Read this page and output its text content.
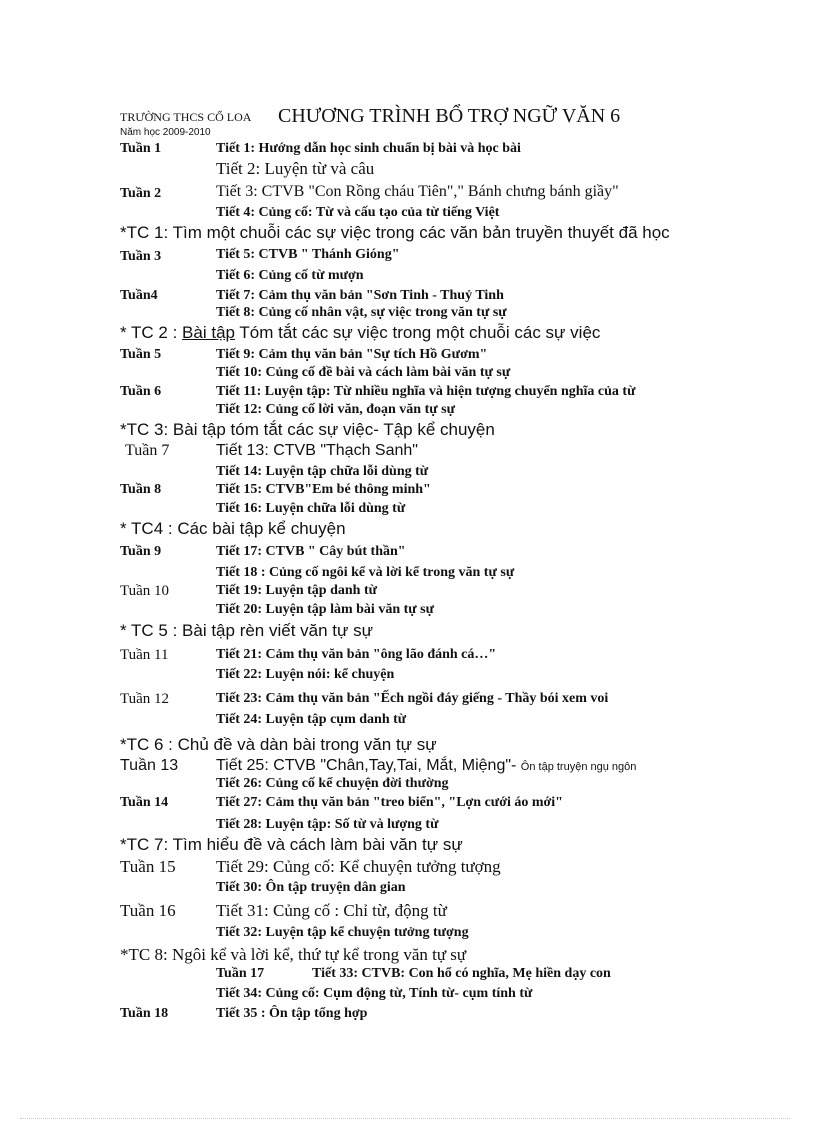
TRƯỜNG THCS CỔ LOA CHƯƠNG TRÌNH BỔ TRỢ NGỮ VĂN 6
Năm học 2009-2010
Tuần 1	Tiết 1: Hướng dẫn học sinh chuẩn bị bài và học bài
Tiết 2: Luyện từ và câu
Tuần 2	Tiết 3: CTVB "Con Rồng cháu Tiên"," Bánh chưng bánh giầy"
Tiết 4: Củng cố: Từ và cấu tạo của từ tiếng Việt
*TC 1: Tìm một chuỗi các sự việc trong các văn bản truyền thuyết đã học
Tuần 3	Tiết 5: CTVB " Thánh Gióng"
Tiết 6: Củng cố từ mượn
Tuần4	Tiết 7: Cảm thụ văn bản "Sơn Tinh - Thuỷ Tinh
Tiết 8: Củng cố nhân vật, sự việc trong văn tự sự
* TC 2 : Bài tập Tóm tắt các sự việc trong một chuỗi các sự việc
Tuần 5	Tiết 9: Cảm thụ văn bản "Sự tích Hồ Gươm"
Tiết 10: Củng cố đề bài và cách làm bài văn tự sự
Tuần 6	Tiết 11: Luyện tập: Từ nhiều nghĩa và hiện tượng chuyển nghĩa của từ
Tiết 12: Củng cố lời văn, đoạn văn tự sự
*TC 3: Bài tập tóm tắt các sự việc- Tập kể chuyện
Tuần 7	Tiết 13: CTVB "Thạch Sanh"
Tiết 14: Luyện tập chữa lỗi dùng từ
Tuần 8	Tiết 15: CTVB"Em bé thông minh"
Tiết 16: Luyện chữa lỗi dùng từ
* TC4 : Các bài tập kể chuyện
Tuần 9	Tiết 17: CTVB " Cây bút thần"
Tiết 18 : Củng cố ngôi kể và lời kể trong văn tự sự
Tuần 10	Tiết 19: Luyện tập danh từ
Tiết 20: Luyện tập làm bài văn tự sự
* TC 5 : Bài tập rèn viết văn tự sự
Tuần 11	Tiết 21: Cảm thụ văn bản "ông lão đánh cá…"
Tiết 22: Luyện nói: kể chuyện
Tuần 12	Tiết 23: Cảm thụ văn bản "Ếch ngồi đáy giếng - Thầy bói xem voi
Tiết 24: Luyện tập cụm danh từ
*TC 6 : Chủ đề và dàn bài trong văn tự sự
Tuần 13 Tiết 25: CTVB "Chân,Tay,Tai, Mắt, Miệng"- Ôn tập truyện ngụ ngôn
Tiết 26: Củng cố kể chuyện đời thường
Tuần 14	Tiết 27: Cảm thụ văn bản "treo biển", "Lợn cưới áo mới"
Tiết 28: Luyện tập: Số từ và lượng từ
*TC 7: Tìm hiểu đề và cách làm bài văn tự sự
Tuần 15 Tiết 29: Củng cố: Kể chuyện tưởng tượng
Tiết 30: Ôn tập truyện dân gian
Tuần 16 Tiết 31: Củng cố : Chỉ từ, động từ
Tiết 32: Luyện tập kể chuyện tưởng tượng
*TC 8: Ngôi kể và lời kể, thứ tự kể trong văn tự sự
Tuần 17	Tiết 33: CTVB: Con hổ có nghĩa, Mẹ hiền dạy con
Tiết 34: Củng cố: Cụm động từ, Tính từ- cụm tính từ
Tuần 18	Tiết 35 : Ôn tập tổng hợp
